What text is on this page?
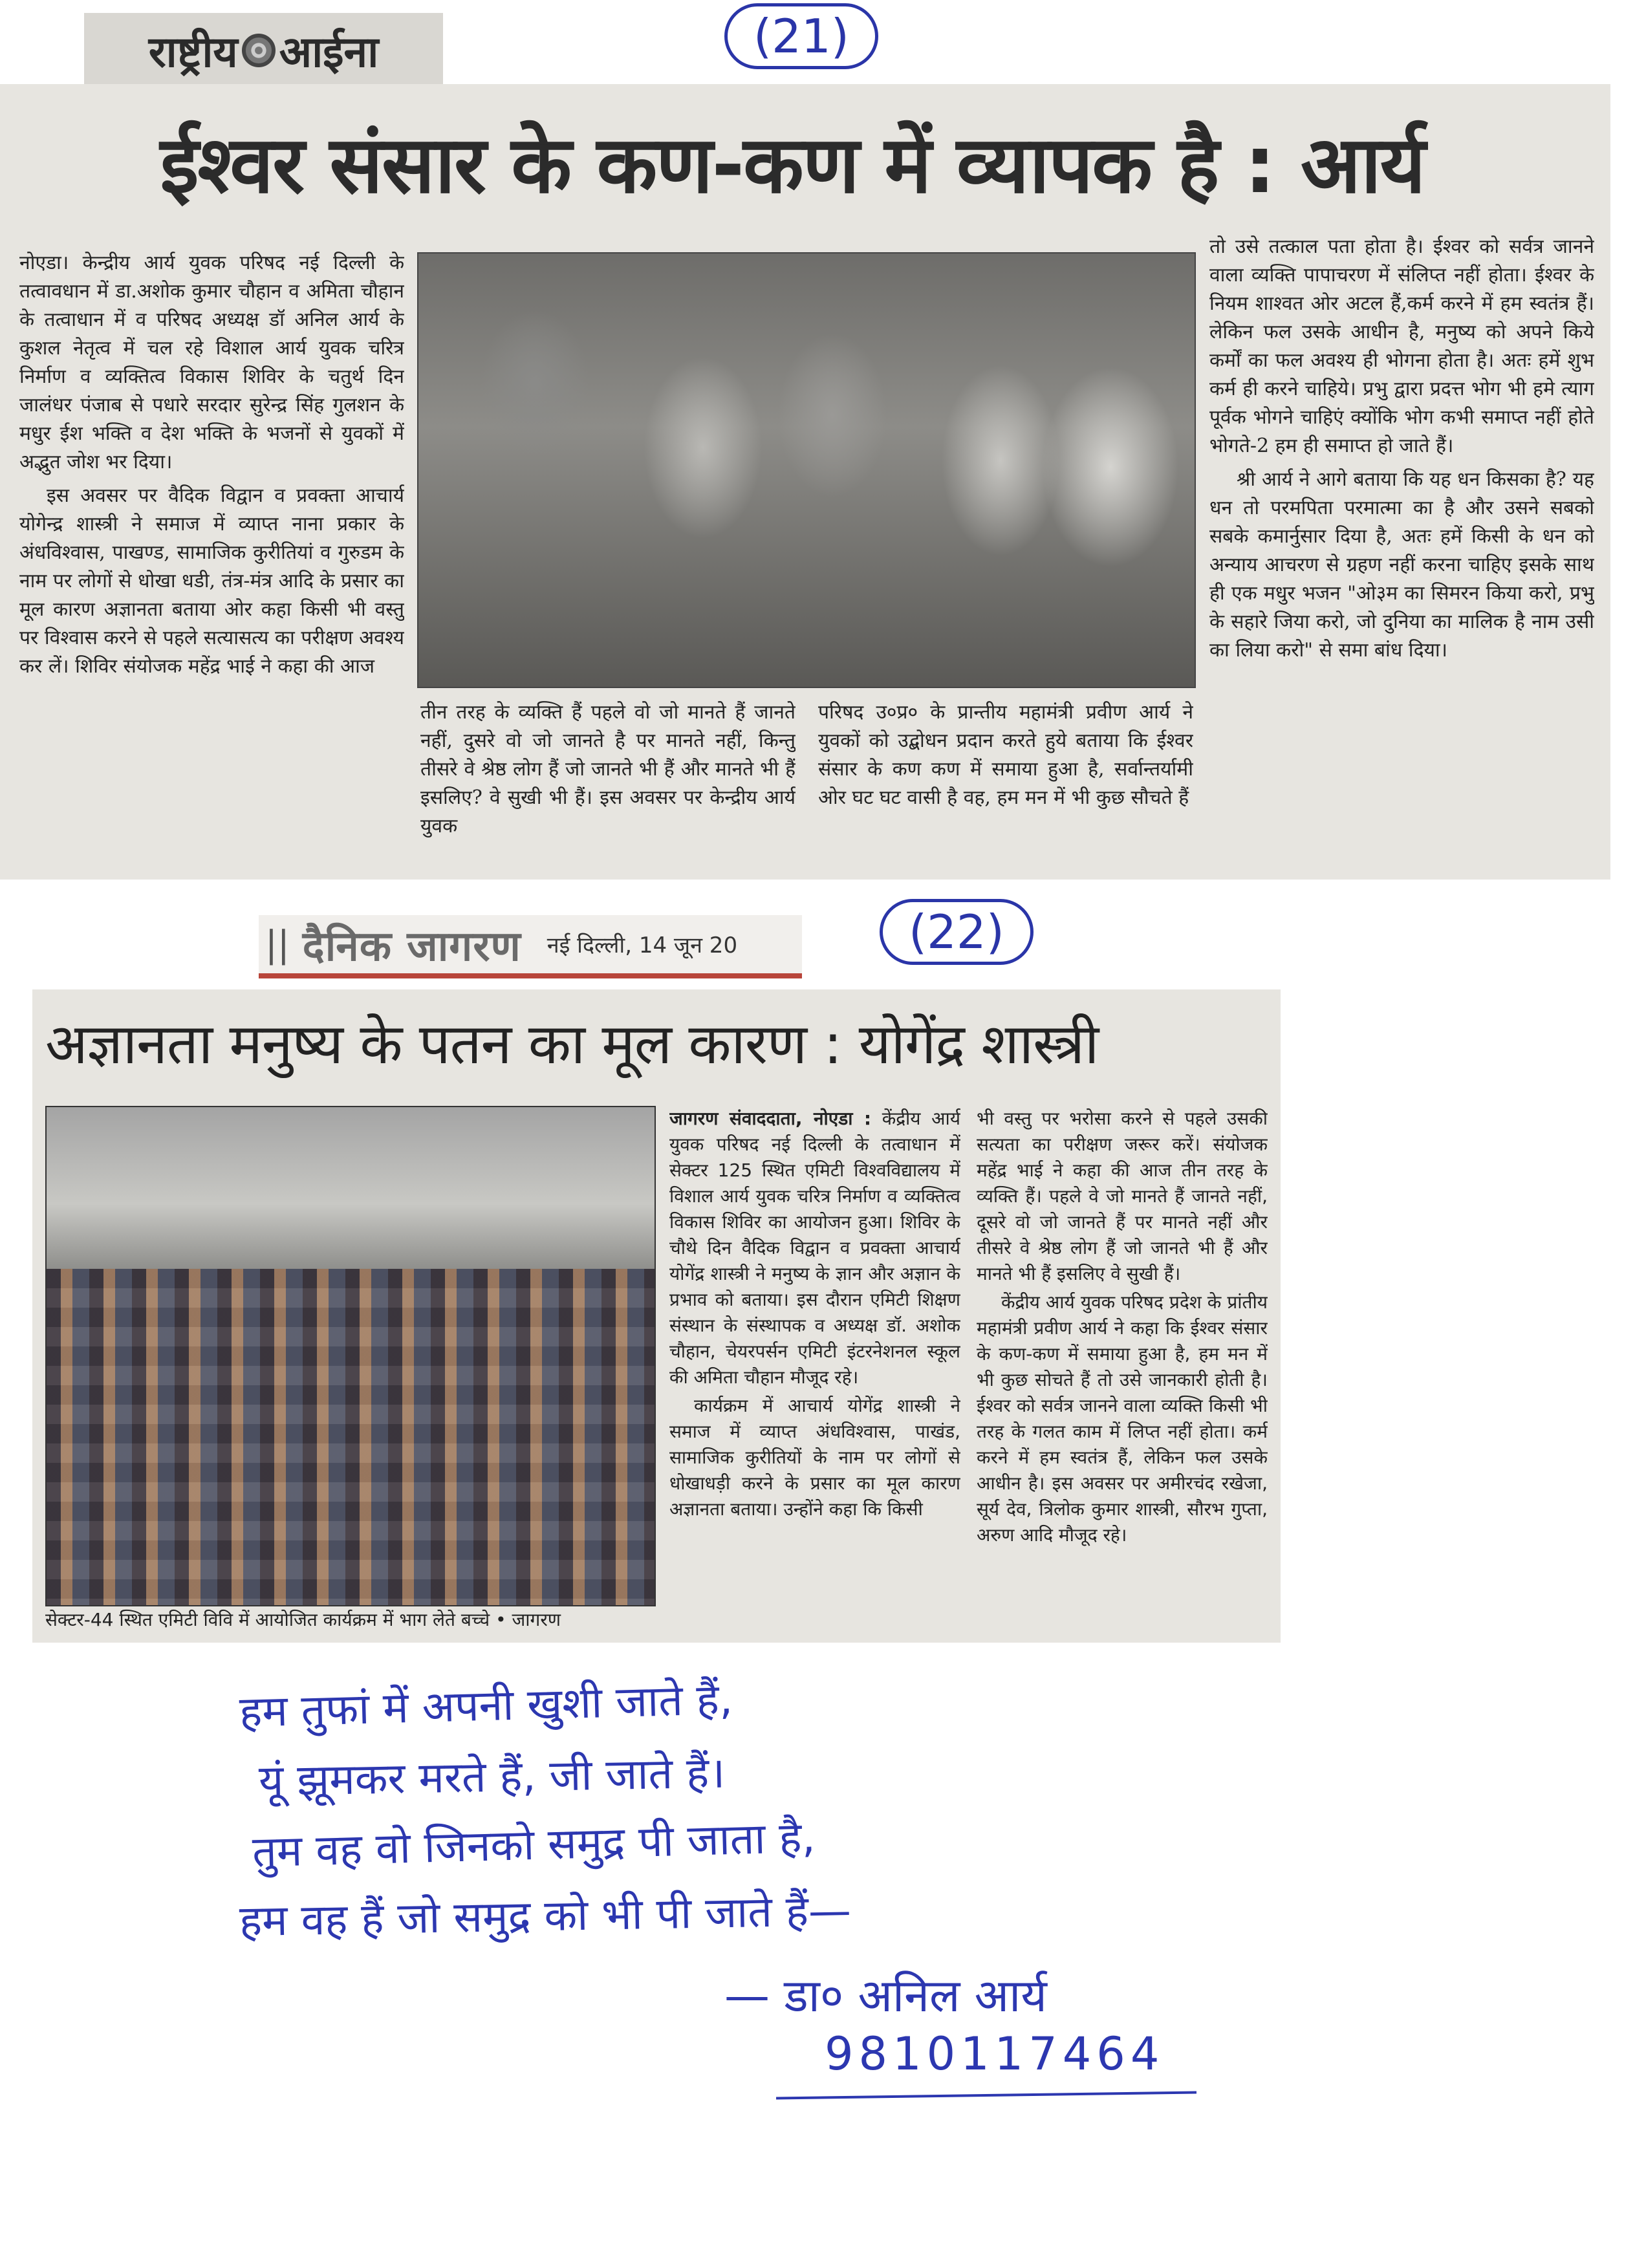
राष्ट्रीय आईना	(21)
ईश्वर संसार के कण-कण में व्यापक है : आर्य

नोएडा। केन्द्रीय आर्य युवक परिषद नई दिल्ली के तत्वावधान में डा.अशोक कुमार चौहान व अमिता चौहान के तत्वाधान में व परिषद अध्यक्ष डॉ अनिल आर्य के कुशल नेतृत्व में चल रहे विशाल आर्य युवक चरित्र निर्माण व व्यक्तित्व विकास शिविर के चतुर्थ दिन जालंधर पंजाब से पधारे सरदार सुरेन्द्र सिंह गुलशन के मधुर ईश भक्ति व देश भक्ति के भजनों से युवकों में अद्भुत जोश भर दिया।

इस अवसर पर वैदिक विद्वान व प्रवक्ता आचार्य योगेन्द्र शास्त्री ने समाज में व्याप्त नाना प्रकार के अंधविश्वास, पाखण्ड, सामाजिक कुरीतियां व गुरुडम के नाम पर लोगों से धोखा धडी, तंत्र-मंत्र आदि के प्रसार का मूल कारण अज्ञानता बताया ओर कहा किसी भी वस्तु पर विश्वास करने से पहले सत्यासत्य का परीक्षण अवश्य कर लें। शिविर संयोजक महेंद्र भाई ने कहा की आज

तीन तरह के व्यक्ति हैं पहले वो जो मानते हैं जानते नहीं, दुसरे वो जो जानते है पर मानते नहीं, किन्तु तीसरे वे श्रेष्ठ लोग हैं जो जानते भी हैं और मानते भी हैं इसलिए? वे सुखी भी हैं। इस अवसर पर केन्द्रीय आर्य युवक

परिषद उ०प्र० के प्रान्तीय महामंत्री प्रवीण आर्य ने युवकों को उद्बोधन प्रदान करते हुये बताया कि ईश्वर संसार के कण कण में समाया हुआ है, सर्वान्तर्यामी ओर घट घट वासी है वह, हम मन में भी कुछ सौचते हैं

तो उसे तत्काल पता होता है। ईश्वर को सर्वत्र जानने वाला व्यक्ति पापाचरण में संलिप्त नहीं होता। ईश्वर के नियम शाश्वत ओर अटल हैं,कर्म करने में हम स्वतंत्र हैं। लेकिन फल उसके आधीन है, मनुष्य को अपने किये कर्मों का फल अवश्य ही भोगना होता है। अतः हमें शुभ कर्म ही करने चाहिये। प्रभु द्वारा प्रदत्त भोग भी हमे त्याग पूर्वक भोगने चाहिएं क्योंकि भोग कभी समाप्त नहीं होते भोगते-2 हम ही समाप्त हो जाते हैं।

श्री आर्य ने आगे बताया कि यह धन किसका है? यह धन तो परमपिता परमात्मा का है और उसने सबको सबके कमार्नुसार दिया है, अतः हमें किसी के धन को अन्याय आचरण से ग्रहण नहीं करना चाहिए इसके साथ ही एक मधुर भजन "ओ३म का सिमरन किया करो, प्रभु के सहारे जिया करो, जो दुनिया का मालिक है नाम उसी का लिया करो" से समा बांध दिया।

|| दैनिक जागरण नई दिल्ली, 14 जून 20	(22)
अज्ञानता मनुष्य के पतन का मूल कारण : योगेंद्र शास्त्री
सेक्टर-44 स्थित एमिटी विवि में आयोजित कार्यक्रम में भाग लेते बच्चे • जागरण

जागरण संवाददाता, नोएडा : केंद्रीय आर्य युवक परिषद नई दिल्ली के तत्वाधान में सेक्टर 125 स्थित एमिटी विश्वविद्यालय में विशाल आर्य युवक चरित्र निर्माण व व्यक्तित्व विकास शिविर का आयोजन हुआ। शिविर के चौथे दिन वैदिक विद्वान व प्रवक्ता आचार्य योगेंद्र शास्त्री ने मनुष्य के ज्ञान और अज्ञान के प्रभाव को बताया। इस दौरान एमिटी शिक्षण संस्थान के संस्थापक व अध्यक्ष डॉ. अशोक चौहान, चेयरपर्सन एमिटी इंटरनेशनल स्कूल की अमिता चौहान मौजूद रहे।

कार्यक्रम में आचार्य योगेंद्र शास्त्री ने समाज में व्याप्त अंधविश्वास, पाखंड, सामाजिक कुरीतियों के नाम पर लोगों से धोखाधड़ी करने के प्रसार का मूल कारण अज्ञानता बताया। उन्होंने कहा कि किसी

भी वस्तु पर भरोसा करने से पहले उसकी सत्यता का परीक्षण जरूर करें। संयोजक महेंद्र भाई ने कहा की आज तीन तरह के व्यक्ति हैं। पहले वे जो मानते हैं जानते नहीं, दूसरे वो जो जानते हैं पर मानते नहीं और तीसरे वे श्रेष्ठ लोग हैं जो जानते भी हैं और मानते भी हैं इसलिए वे सुखी हैं।

केंद्रीय आर्य युवक परिषद प्रदेश के प्रांतीय महामंत्री प्रवीण आर्य ने कहा कि ईश्वर संसार के कण-कण में समाया हुआ है, हम मन में भी कुछ सोचते हैं तो उसे जानकारी होती है। ईश्वर को सर्वत्र जानने वाला व्यक्ति किसी भी तरह के गलत काम में लिप्त नहीं होता। कर्म करने में हम स्वतंत्र हैं, लेकिन फल उसके आधीन है। इस अवसर पर अमीरचंद रखेजा, सूर्य देव, त्रिलोक कुमार शास्त्री, सौरभ गुप्ता, अरुण आदि मौजूद रहे।

हम तुफां में अपनी खुशी जाते हैं,
यूं झूमकर मरते हैं, जी जाते हैं।
तुम वह वो जिनको समुद्र पी जाता है,
हम वह हैं जो समुद्र को भी पी जाते हैं—
— डा० अनिल आर्य
9810117464
